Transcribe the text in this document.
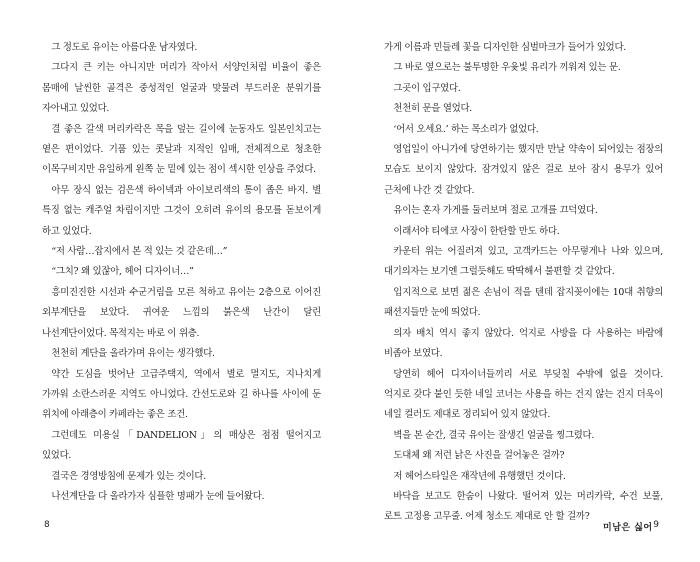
그 정도로 유이는 아름다운 남자였다.

그다지 큰 키는 아니지만 머리가 작아서 서양인처럼 비율이 좋은 몸매에 날씬한 골격은 중성적인 얼굴과 맞물려 부드러운 분위기를 자아내고 있었다.

결 좋은 갈색 머리카락은 목을 덮는 길이에 눈동자도 일본인치고는 옅은 편이었다. 기품 있는 콧날과 지적인 입매, 전체적으로 청초한 이목구비지만 유일하게 왼쪽 눈 밑에 있는 점이 섹시한 인상을 주었다.

아무 장식 없는 검은색 하이넥과 아이보리색의 통이 좁은 바지. 별 특징 없는 캐주얼 차림이지만 그것이 오히려 유이의 용모를 돋보이게 하고 있었다.

“저 사람…잡지에서 본 적 있는 것 같은데…”

“그치? 왜 있잖아, 헤어 디자이너…”

흥미진진한 시선과 수군거림을 모른 척하고 유이는 2층으로 이어진 외부계단을 보았다. 귀여운 느낌의 붉은색 난간이 달린 나선계단이었다. 목적지는 바로 이 위층.

천천히 계단을 올라가며 유이는 생각했다.

약간 도심을 벗어난 고급주택지, 역에서 별로 멀지도, 지나치게 가까워 소란스러운 지역도 아니었다. 간선도로와 길 하나를 사이에 둔 위치에 아래층이 카페라는 좋은 조건.

그런데도 미용실「DANDELION」의 매상은 점점 떨어지고 있었다.

결국은 경영방침에 문제가 있는 것이다.

나선계단을 다 올라가자 심플한 명패가 눈에 들어왔다.

가게 이름과 민들레 꽃을 디자인한 심벌마크가 들어가 있었다.

그 바로 옆으로는 불투명한 우윳빛 유리가 끼워져 있는 문.

그곳이 입구였다.

천천히 문을 열었다.

‘어서 오세요.’ 하는 목소리가 없었다.

영업일이 아니가에 당연하기는 했지만 만날 약속이 되어있는 점장의 모습도 보이지 않았다. 잠겨있지 않은 걸로 보아 잠시 용무가 있어 근처에 나간 것 같았다.

유이는 혼자 가게를 둘러보며 절로 고개를 끄덕였다.

이래서야 티에코 사장이 한탄할 만도 하다.

카운터 위는 어질러져 있고, 고객카드는 아무렇게나 나와 있으며, 대기의자는 보기엔 그럴듯해도 딱딱해서 불편할 것 같았다.

입지적으로 보면 젊은 손님이 적을 텐데 잡지꽂이에는 10대 취향의 패션지들만 눈에 띄었다.

의자 배치 역시 좋지 않았다. 억지로 사방을 다 사용하는 바람에 비좁아 보였다.

당연히 헤어 디자이너들끼리 서로 부딪칠 수밖에 없을 것이다. 억지로 갖다 붙인 듯한 네일 코너는 사용을 하는 건지 않는 건지 더욱이 네일 컬러도 제대로 정리되어 있지 않았다.

벽을 본 순간, 결국 유이는 잘생긴 얼굴을 찡그렸다.

도대체 왜 저런 낡은 사진을 걸어놓은 걸까?

저 헤어스타일은 재작년에 유행했던 것이다.

바닥을 보고도 한숨이 나왔다. 떨어져 있는 머리카락, 수건 보풀, 로트 고정용 고무줄. 어제 청소도 제대로 안 할 걸까?

8	미남은 싫어 9
